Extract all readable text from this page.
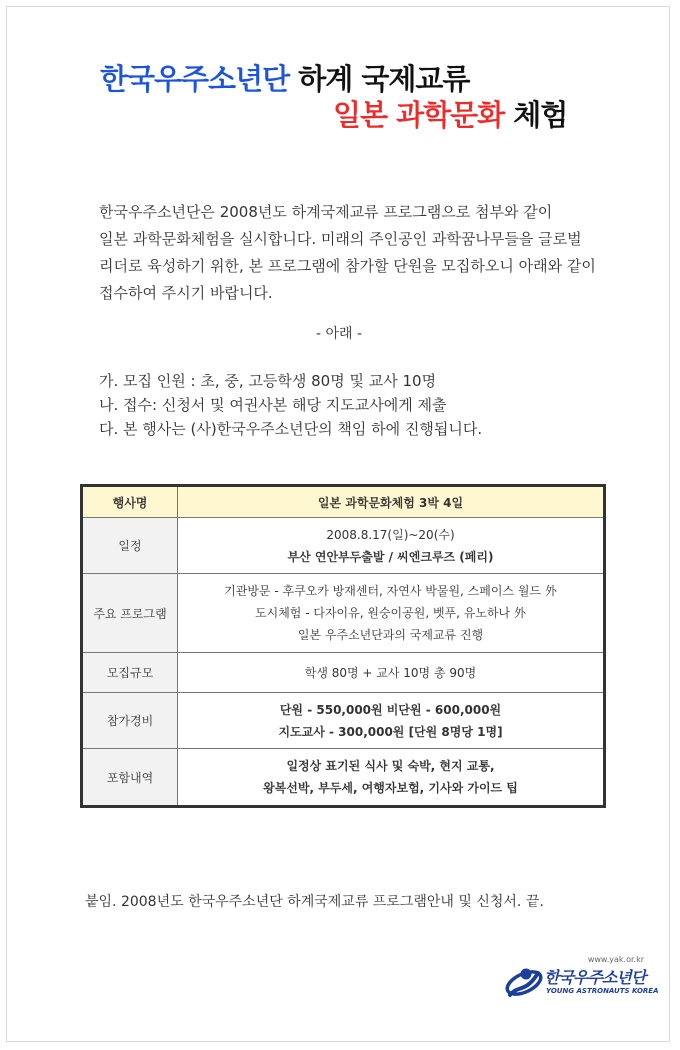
한국우주소년단 하계 국제교류
일본 과학문화 체험
한국우주소년단은 2008년도 하계국제교류 프로그램으로 첨부와 같이
일본 과학문화체험을 실시합니다. 미래의 주인공인 과학꿈나무들을 글로벌
리더로 육성하기 위한, 본 프로그램에 참가할 단원을 모집하오니 아래와 같이
접수하여 주시기 바랍니다.
- 아래 -
가. 모집 인원 : 초, 중, 고등학생 80명 및 교사 10명
나. 접수: 신청서 및 여권사본 해당 지도교사에게 제출
다. 본 행사는 (사)한국우주소년단의 책임 하에 진행됩니다.
행사명	일본 과학문화체험 3박 4일
일정	2008.8.17(일)~20(수)
부산 연안부두출발 / 씨엔크루즈 (페리)

주요 프로그램	기관방문 - 후쿠오카 방재센터, 자연사 박물원, 스페이스 월드 外
도시체험 - 다자이유, 원숭이공원, 벳푸, 유노하나 外
일본 우주소년단과의 국제교류 진행

모집규모	학생 80명 + 교사 10명 총 90명
참가경비	단원 - 550,000원 비단원 - 600,000원
지도교사 - 300,000원 [단원 8명당 1명]

포함내역	일정상 표기된 식사 및 숙박, 현지 교통,
왕복선박, 부두세, 여행자보험, 기사와 가이드 팁
붙임. 2008년도 한국우주소년단 하계국제교류 프로그램안내 및 신청서. 끝.
www.yak.or.kr
한국우주소년단
YOUNG ASTRONAUTS KOREA
